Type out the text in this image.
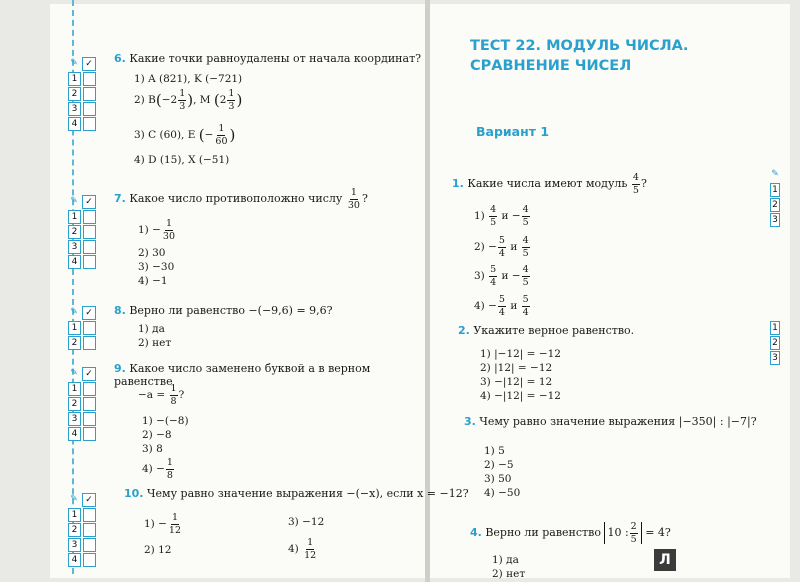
✎ ✓
1
2
3
4
✎ ✓
1
2
3
4
✎ ✓
1
2
✎ ✓
1
2
3
4
✎ ✓
1
2
3
4
6. Какие точки равноудалены от начала координат?
1) A (821), K (−721)
2) $B(-2 \frac{1}{3}$ ), M ($2 \frac{1}{3}$ )
3) C (60), E (− $\frac{1}{60}$ )
4) D (15), X (−51)
7. Какое число противоположно числу $\frac{1}{30}$ ?
$1) - \frac{1}{30}$
2) 30
3) −30
4) −1
8. Верно ли равенство −(−9,6) = 9,6?
1) да
2) нет
9. Какое число заменено буквой a в верном равенстве
$-a = \frac{1}{8}$ ?
1) −(−8)
2) −8
3) 8
$4) - \frac{1}{8}$
10. Чему равно значение выражения −(−x), если x = −12?
$1) - \frac{1}{12}$
2) 12
3) −12
$4) \frac{1}{12}$
ТЕСТ 22. МОДУЛЬ ЧИСЛА.
СРАВНЕНИЕ ЧИСЕЛ
Вариант 1
1. Какие числа имеют модуль $\frac{4}{5}$ ?
$1) \frac{4}{5}$ $и - \frac{4}{5}$
$2) - \frac{5}{4}$ и $\frac{4}{5}$
$3) \frac{5}{4}$ $и - \frac{4}{5}$
$4) - \frac{5}{4}$ и $\frac{5}{4}$
2. Укажите верное равенство.
1) |−12| = −12
2) |12| = −12
3) −|12| = 12
4) −|12| = −12
3. Чему равно значение выражения |−350| : |−7|?
1) 5
2) −5
3) 50
4) −50
4. Верно ли равенство 10 : $\frac{2}{5} = 4$?
1) да
2) нет
✎
1
2
3
1
2
3
Л
